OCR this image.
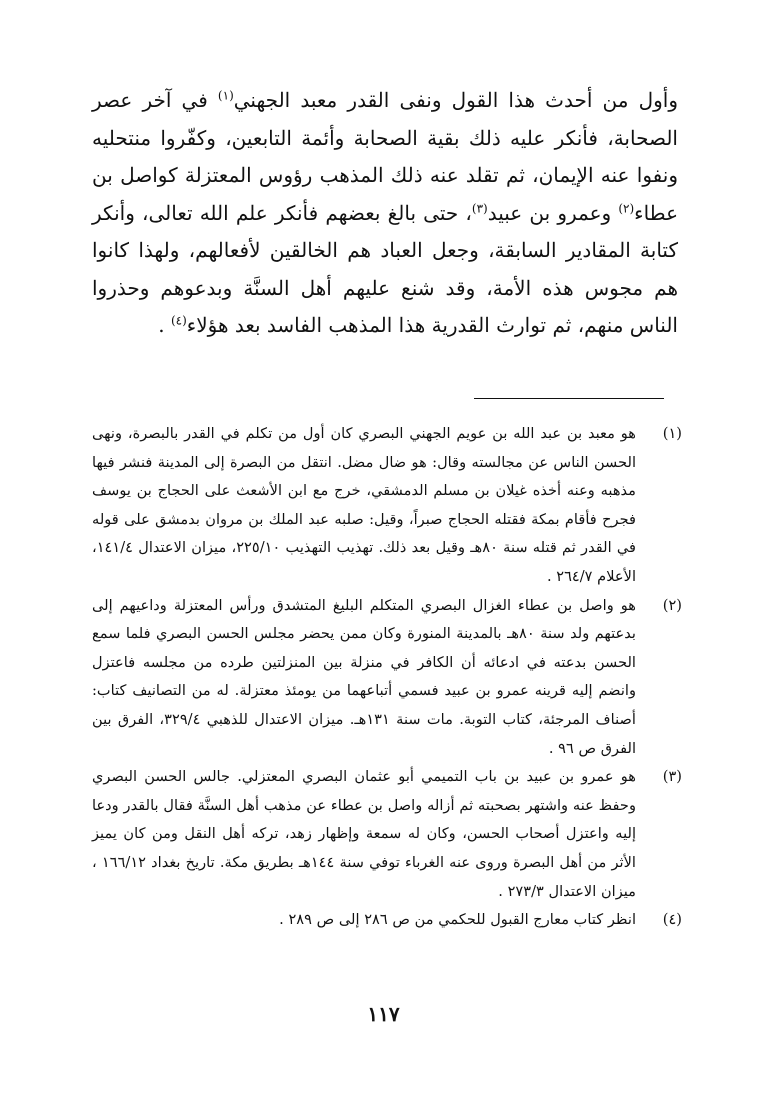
وأول من أحدث هذا القول ونفى القدر معبد الجهني$^{(١)}$ في آخر عصر الصحابة، فأنكر عليه ذلك بقية الصحابة وأئمة التابعين، وكفّروا منتحليه ونفوا عنه الإيمان، ثم تقلد عنه ذلك المذهب رؤوس المعتزلة كواصل بن عطاء$^{(٢)}$ وعمرو بن عبيد$^{(٣)}$، حتى بالغ بعضهم فأنكر علم الله تعالى، وأنكر كتابة المقادير السابقة، وجعل العباد هم الخالقين لأفعالهم، ولهذا كانوا هم مجوس هذه الأمة، وقد شنع عليهم أهل السنَّة وبدعوهم وحذروا الناس منهم، ثم توارث القدرية هذا المذهب الفاسد بعد هؤلاء$^{(٤)}$ .
(١)
هو معبد بن عبد الله بن عويم الجهني البصري كان أول من تكلم في القدر بالبصرة، ونهى الحسن الناس عن مجالسته وقال: هو ضال مضل. انتقل من البصرة إلى المدينة فنشر فيها مذهبه وعنه أخذه غيلان بن مسلم الدمشقي، خرج مع ابن الأشعث على الحجاج بن يوسف فجرح فأقام بمكة فقتله الحجاج صبراً، وقيل: صلبه عبد الملك بن مروان بدمشق على قوله في القدر ثم قتله سنة ٨٠هـ وقيل بعد ذلك. تهذيب التهذيب ٢٢٥/١٠، ميزان الاعتدال ١٤١/٤، الأعلام ٢٦٤/٧ .
(٢)
هو واصل بن عطاء الغزال البصري المتكلم البليغ المتشدق ورأس المعتزلة وداعيهم إلى بدعتهم ولد سنة ٨٠هـ بالمدينة المنورة وكان ممن يحضر مجلس الحسن البصري فلما سمع الحسن بدعته في ادعائه أن الكافر في منزلة بين المنزلتين طرده من مجلسه فاعتزل وانضم إليه قرينه عمرو بن عبيد فسمي أتباعهما من يومئذ معتزلة. له من التصانيف كتاب: أصناف المرجئة، كتاب التوبة. مات سنة ١٣١هـ. ميزان الاعتدال للذهبي ٣٢٩/٤، الفرق بين الفرق ص ٩٦ .
(٣)
هو عمرو بن عبيد بن باب التميمي أبو عثمان البصري المعتزلي. جالس الحسن البصري وحفظ عنه واشتهر بصحبته ثم أزاله واصل بن عطاء عن مذهب أهل السنَّة فقال بالقدر ودعا إليه واعتزل أصحاب الحسن، وكان له سمعة وإظهار زهد، تركه أهل النقل ومن كان يميز الأثر من أهل البصرة وروى عنه الغرباء توفي سنة ١٤٤هـ بطريق مكة. تاريخ بغداد ١٦٦/١٢ ، ميزان الاعتدال ٢٧٣/٣ .
(٤)
انظر كتاب معارج القبول للحكمي من ص ٢٨٦ إلى ص ٢٨٩ .
١١٧
